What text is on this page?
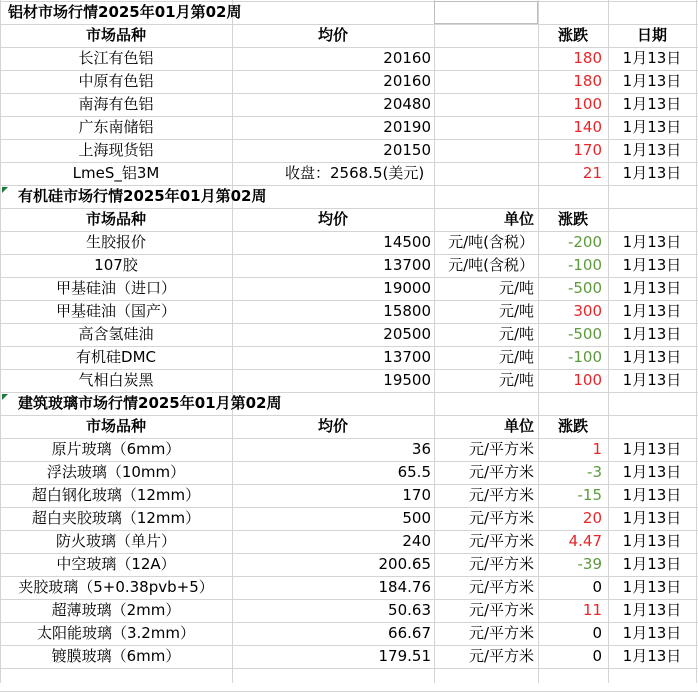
铝材市场行情2025年01月第02周
市场品种	均价	涨跌	日期
长江有色铝	20160	180	1月13日
中原有色铝	20160	180	1月13日
南海有色铝	20480	100	1月13日
广东南储铝	20190	140	1月13日
上海现货铝	20150	170	1月13日
LmeS_铝3M	收盘：2568.5(美元)	21	1月13日
有机硅市场行情2025年01月第02周
市场品种	均价	单位	涨跌
生胶报价	14500	元/吨(含税）	-200	1月13日
107胶	13700	元/吨(含税）	-100	1月13日
甲基硅油（进口）	19000	元/吨	-500	1月13日
甲基硅油（国产）	15800	元/吨	300	1月13日
高含氢硅油	20500	元/吨	-500	1月13日
有机硅DMC	13700	元/吨	-100	1月13日
气相白炭黑	19500	元/吨	100	1月13日
建筑玻璃市场行情2025年01月第02周
市场品种	均价	单位	涨跌
原片玻璃（6mm）	36	元/平方米	1	1月13日
浮法玻璃（10mm）	65.5	元/平方米	-3	1月13日
超白钢化玻璃（12mm）	170	元/平方米	-15	1月13日
超白夹胶玻璃（12mm）	500	元/平方米	20	1月13日
防火玻璃（单片）	240	元/平方米	4.47	1月13日
中空玻璃（12A）	200.65	元/平方米	-39	1月13日
夹胶玻璃（5+0.38pvb+5）	184.76	元/平方米	0	1月13日
超薄玻璃（2mm）	50.63	元/平方米	11	1月13日
太阳能玻璃（3.2mm）	66.67	元/平方米	0	1月13日
镀膜玻璃（6mm）	179.51	元/平方米	0	1月13日
